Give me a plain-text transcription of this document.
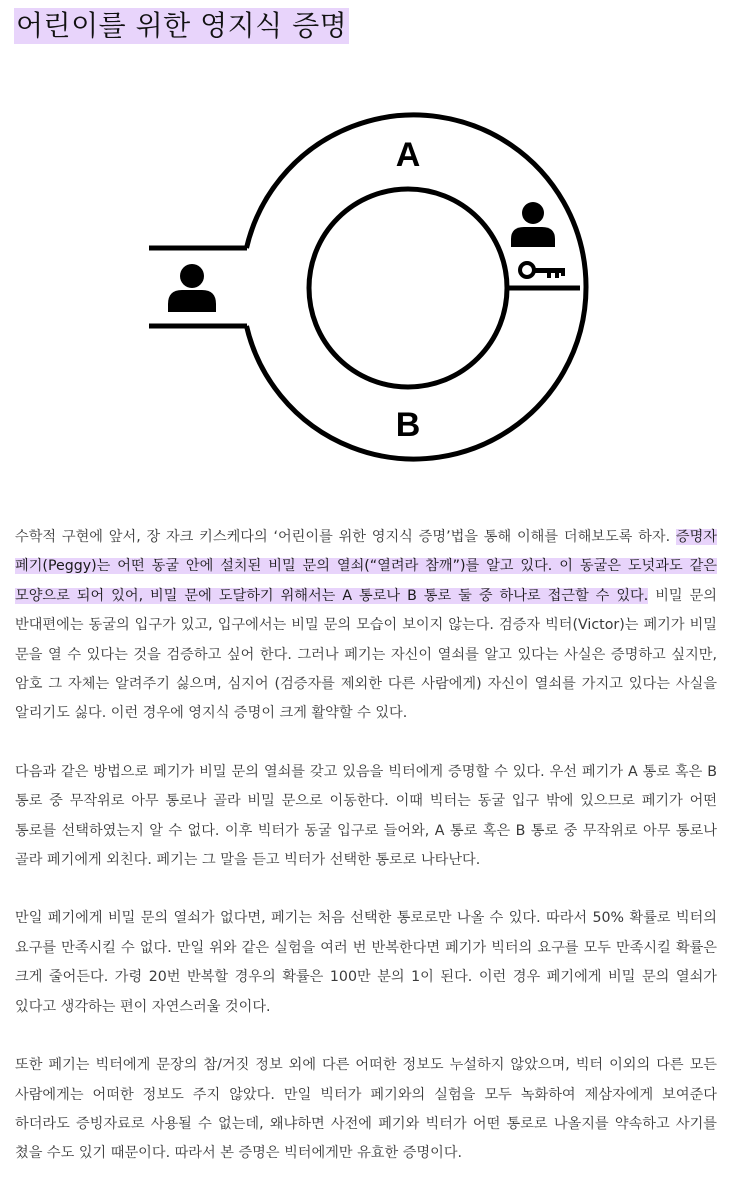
어린이를 위한 영지식 증명
A
B

수학적 구현에 앞서, 장 자크 키스케다의 ‘어린이를 위한 영지식 증명’법을 통해 이해를 더해보도록 하자. 증명자 페기(Peggy)는 어떤 동굴 안에 설치된 비밀 문의 열쇠(“열려라 참깨”)를 알고 있다. 이 동굴은 도넛과도 같은 모양으로 되어 있어, 비밀 문에 도달하기 위해서는 A 통로나 B 통로 둘 중 하나로 접근할 수 있다. 비밀 문의 반대편에는 동굴의 입구가 있고, 입구에서는 비밀 문의 모습이 보이지 않는다. 검증자 빅터(Victor)는 페기가 비밀 문을 열 수 있다는 것을 검증하고 싶어 한다. 그러나 페기는 자신이 열쇠를 알고 있다는 사실은 증명하고 싶지만, 암호 그 자체는 알려주기 싫으며, 심지어 (검증자를 제외한 다른 사람에게) 자신이 열쇠를 가지고 있다는 사실을 알리기도 싫다. 이런 경우에 영지식 증명이 크게 활약할 수 있다.

다음과 같은 방법으로 페기가 비밀 문의 열쇠를 갖고 있음을 빅터에게 증명할 수 있다. 우선 페기가 A 통로 혹은 B 통로 중 무작위로 아무 통로나 골라 비밀 문으로 이동한다. 이때 빅터는 동굴 입구 밖에 있으므로 페기가 어떤 통로를 선택하였는지 알 수 없다. 이후 빅터가 동굴 입구로 들어와, A 통로 혹은 B 통로 중 무작위로 아무 통로나 골라 페기에게 외친다. 페기는 그 말을 듣고 빅터가 선택한 통로로 나타난다.

만일 페기에게 비밀 문의 열쇠가 없다면, 페기는 처음 선택한 통로로만 나올 수 있다. 따라서 50% 확률로 빅터의 요구를 만족시킬 수 없다. 만일 위와 같은 실험을 여러 번 반복한다면 페기가 빅터의 요구를 모두 만족시킬 확률은 크게 줄어든다. 가령 20번 반복할 경우의 확률은 100만 분의 1이 된다. 이런 경우 페기에게 비밀 문의 열쇠가 있다고 생각하는 편이 자연스러울 것이다.

또한 페기는 빅터에게 문장의 참/거짓 정보 외에 다른 어떠한 정보도 누설하지 않았으며, 빅터 이외의 다른 모든 사람에게는 어떠한 정보도 주지 않았다. 만일 빅터가 페기와의 실험을 모두 녹화하여 제삼자에게 보여준다 하더라도 증빙자료로 사용될 수 없는데, 왜냐하면 사전에 페기와 빅터가 어떤 통로로 나올지를 약속하고 사기를 쳤을 수도 있기 때문이다. 따라서 본 증명은 빅터에게만 유효한 증명이다.
